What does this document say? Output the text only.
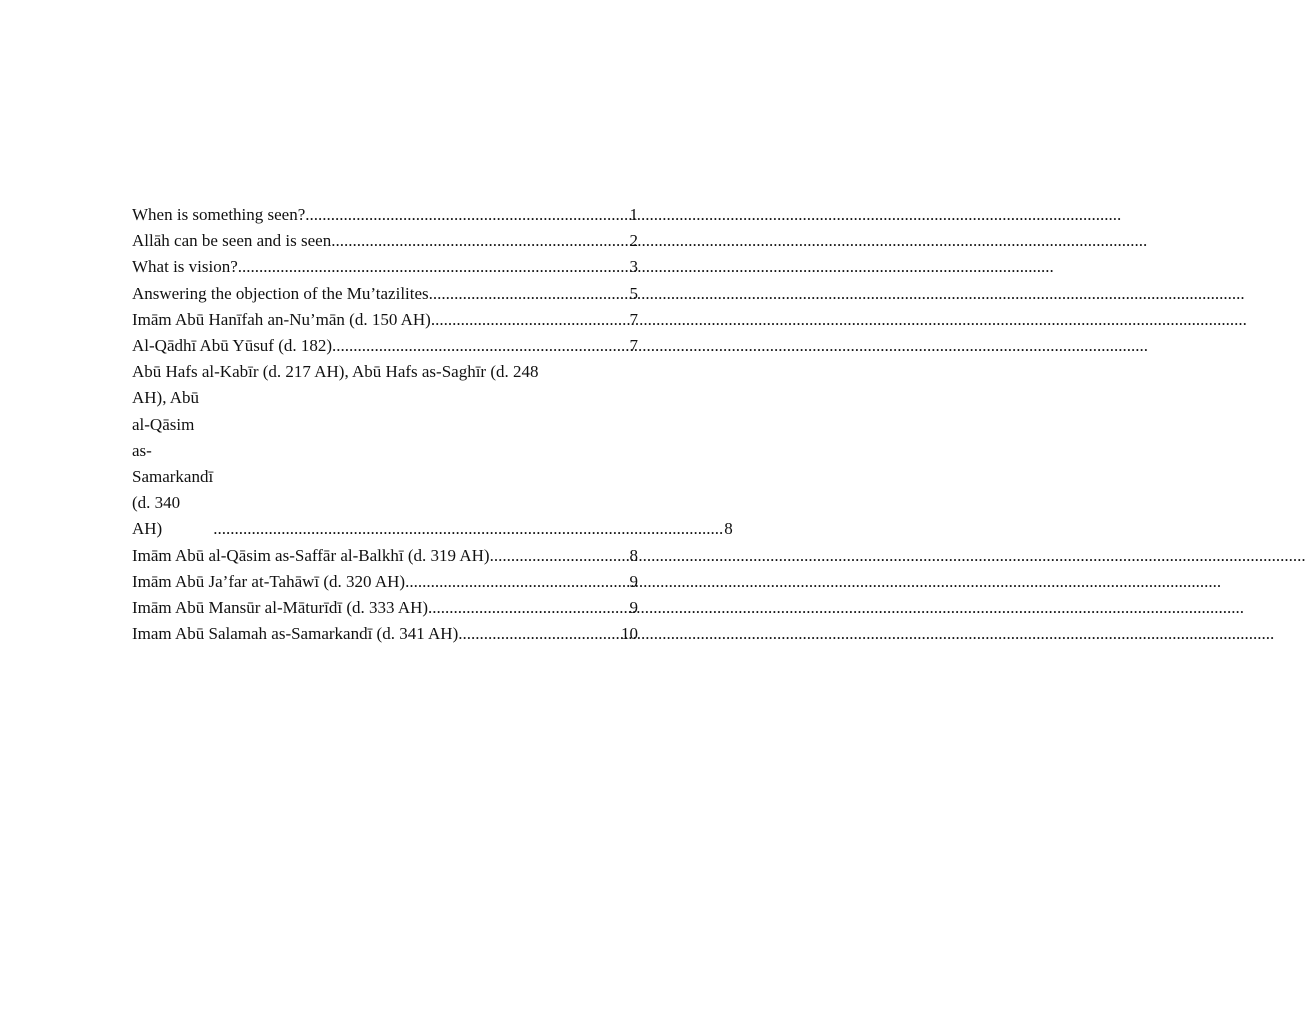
When is something seen? .....	1
Allāh can be seen and is seen .....	2
What is vision? .....	3
Answering the objection of the Mu’tazilites .....	5
Imām Abū Hanīfah an-Nu’mān (d. 150 AH) .....	7
Al-Qādhī Abū Yūsuf (d. 182) .....	7
Abū Hafs al-Kabīr (d. 217 AH), Abū Hafs as-Saghīr (d. 248
AH), Abū al-Qāsim as-Samarkandī (d. 340 AH)	........................................................................................................................ 8
Imām Abū al-Qāsim as-Saffār al-Balkhī (d. 319 AH) .....	8
Imām Abū Ja’far at-Tahāwī (d. 320 AH) .....	9
Imām Abū Mansūr al-Māturīdī (d. 333 AH) .....	9
Imam Abū Salamah as-Samarkandī (d. 341 AH) .....	10
